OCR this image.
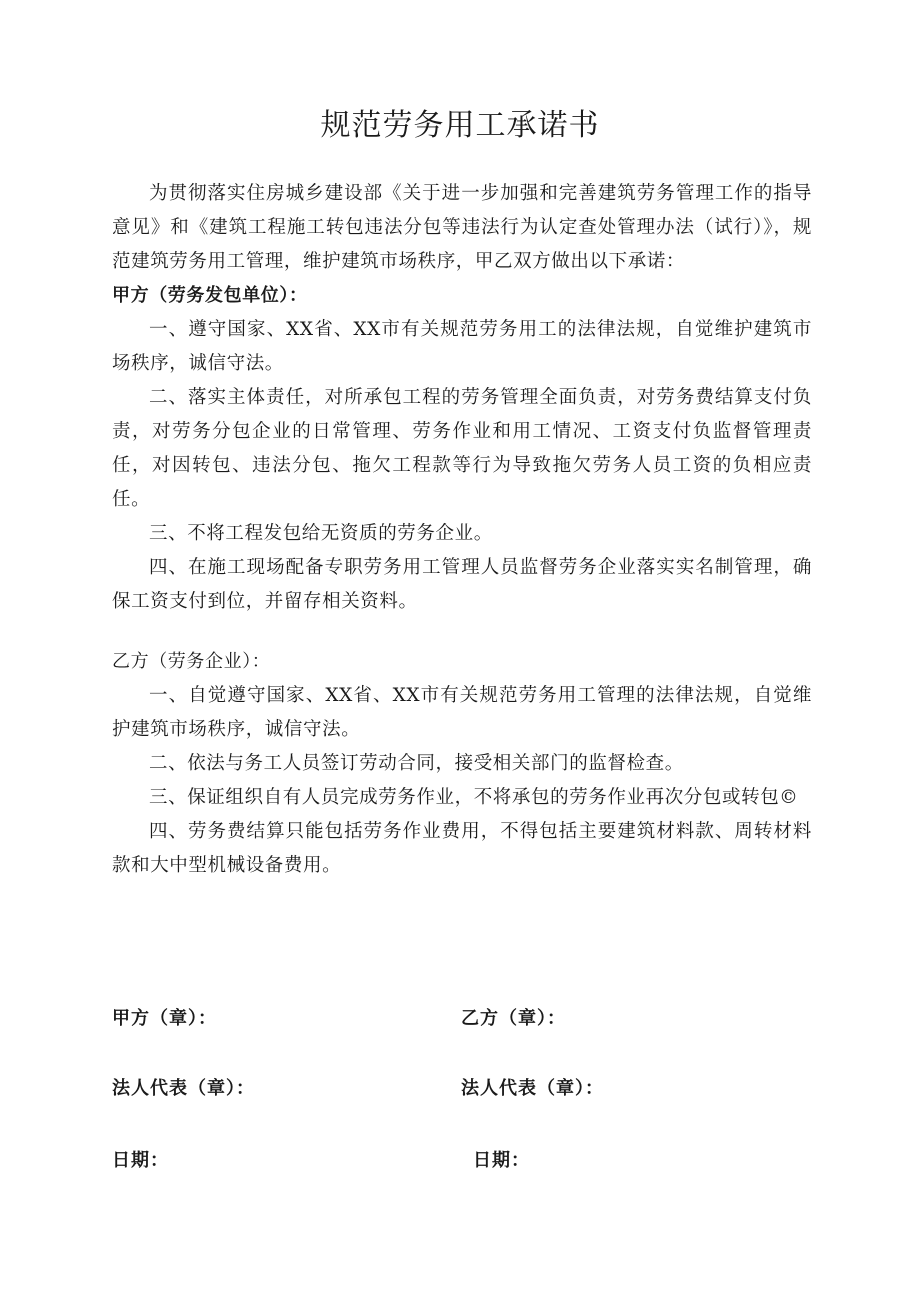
规范劳务用工承诺书

为贯彻落实住房城乡建设部《关于进一步加强和完善建筑劳务管理工作的指导意见》和《建筑工程施工转包违法分包等违法行为认定查处管理办法（试行）》，规范建筑劳务用工管理，维护建筑市场秩序，甲乙双方做出以下承诺：

甲方（劳务发包单位）：

一、遵守国家、XX省、XX市有关规范劳务用工的法律法规，自觉维护建筑市场秩序，诚信守法。

二、落实主体责任，对所承包工程的劳务管理全面负责，对劳务费结算支付负责，对劳务分包企业的日常管理、劳务作业和用工情况、工资支付负监督管理责任，对因转包、违法分包、拖欠工程款等行为导致拖欠劳务人员工资的负相应责任。

三、不将工程发包给无资质的劳务企业。

四、在施工现场配备专职劳务用工管理人员监督劳务企业落实实名制管理，确保工资支付到位，并留存相关资料。

乙方（劳务企业）：

一、自觉遵守国家、XX省、XX市有关规范劳务用工管理的法律法规，自觉维护建筑市场秩序，诚信守法。

二、依法与务工人员签订劳动合同，接受相关部门的监督检查。

三、保证组织自有人员完成劳务作业，不将承包的劳务作业再次分包或转包©

四、劳务费结算只能包括劳务作业费用，不得包括主要建筑材料款、周转材料款和大中型机械设备费用。

甲方（章）：	乙方（章）：
法人代表（章）：	法人代表（章）：
日期：	日期：
